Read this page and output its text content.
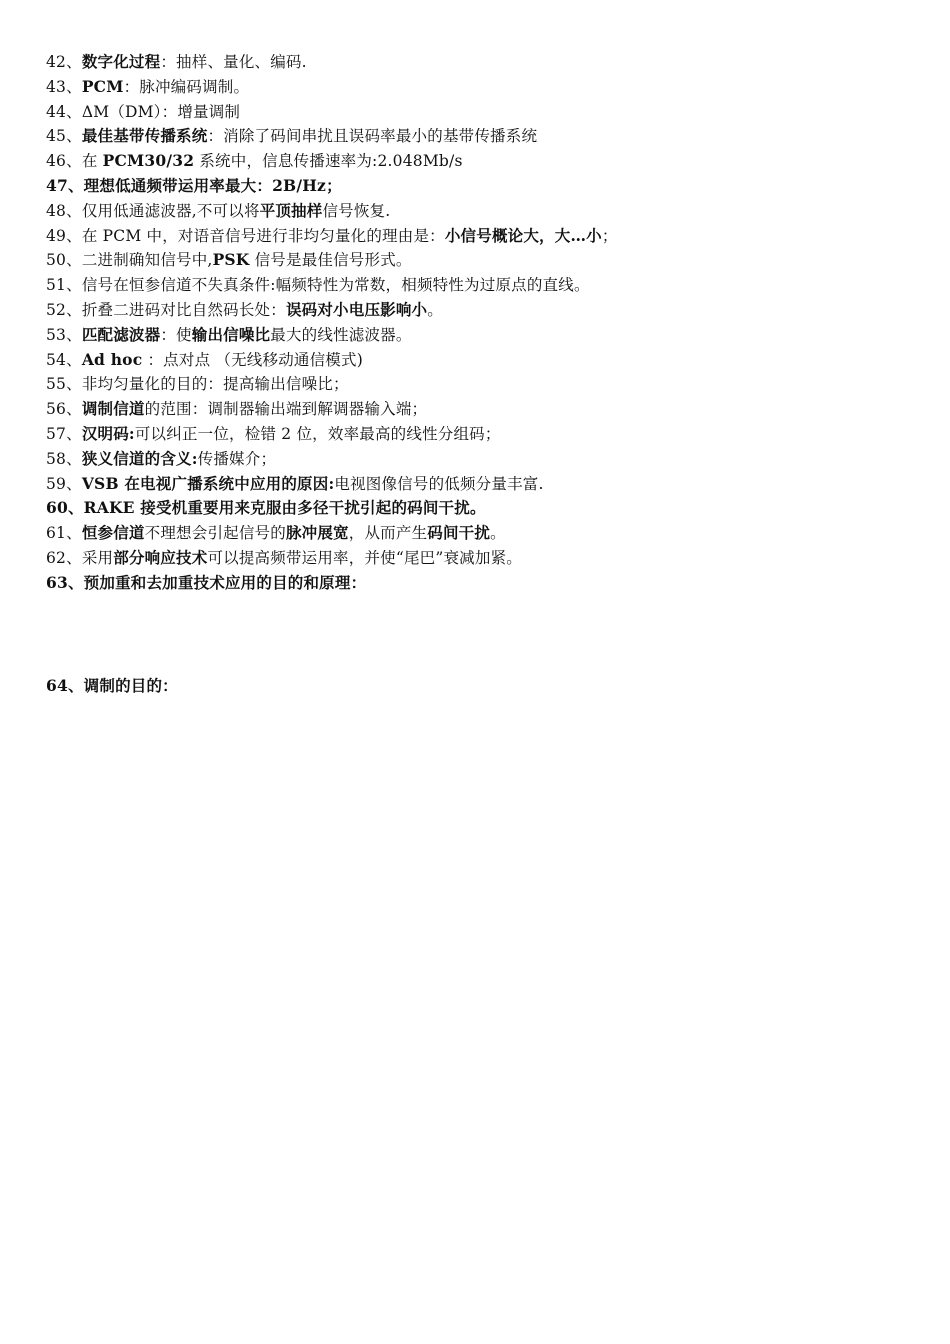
42、数字化过程：抽样、量化、编码.
43、PCM：脉冲编码调制。
44、ΔM（DM）：增量调制
45、最佳基带传播系统：消除了码间串扰且误码率最小的基带传播系统
46、在 PCM30/32 系统中，信息传播速率为:2.048Mb/s
47、理想低通频带运用率最大：2B/Hz；
48、仅用低通滤波器,不可以将平顶抽样信号恢复.
49、在 PCM 中，对语音信号进行非均匀量化的理由是：小信号概论大，大…小；
50、二进制确知信号中,PSK 信号是最佳信号形式。
51、信号在恒参信道不失真条件:幅频特性为常数，相频特性为过原点的直线。
52、折叠二进码对比自然码长处：误码对小电压影响小。
53、匹配滤波器：使输出信噪比最大的线性滤波器。
54、Ad hoc ：点对点 （无线移动通信模式)
55、非均匀量化的目的：提高输出信噪比；
56、调制信道的范围：调制器输出端到解调器输入端；
57、汉明码:可以纠正一位，检错 2 位，效率最高的线性分组码；
58、狭义信道的含义:传播媒介；
59、VSB 在电视广播系统中应用的原因:电视图像信号的低频分量丰富.
60、RAKE 接受机重要用来克服由多径干扰引起的码间干扰。
61、恒参信道不理想会引起信号的脉冲展宽，从而产生码间干扰。
62、采用部分响应技术可以提高频带运用率，并使“尾巴”衰减加紧。
63、预加重和去加重技术应用的目的和原理：
64、调制的目的：
